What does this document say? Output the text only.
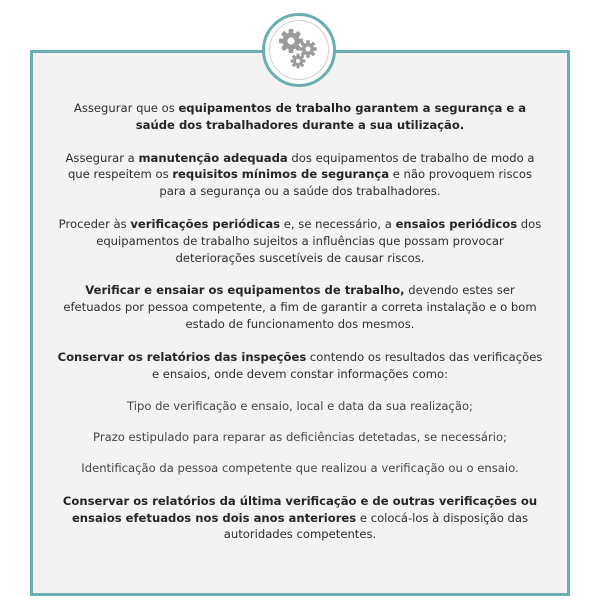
Assegurar que os equipamentos de trabalho garantem a segurança e a saúde dos trabalhadores durante a sua utilização.

Assegurar a manutenção adequada dos equipamentos de trabalho de modo a que respeitem os requisitos mínimos de segurança e não provoquem riscos para a segurança ou a saúde dos trabalhadores.

Proceder às verificações periódicas e, se necessário, a ensaios periódicos dos equipamentos de trabalho sujeitos a influências que possam provocar deteriorações suscetíveis de causar riscos.

Verificar e ensaiar os equipamentos de trabalho, devendo estes ser efetuados por pessoa competente, a fim de garantir a correta instalação e o bom estado de funcionamento dos mesmos.

Conservar os relatórios das inspeções contendo os resultados das verificações e ensaios, onde devem constar informações como:

Tipo de verificação e ensaio, local e data da sua realização;
Prazo estipulado para reparar as deficiências detetadas, se necessário;
Identificação da pessoa competente que realizou a verificação ou o ensaio.

Conservar os relatórios da última verificação e de outras verificações ou ensaios efetuados nos dois anos anteriores e colocá-los à disposição das autoridades competentes.
